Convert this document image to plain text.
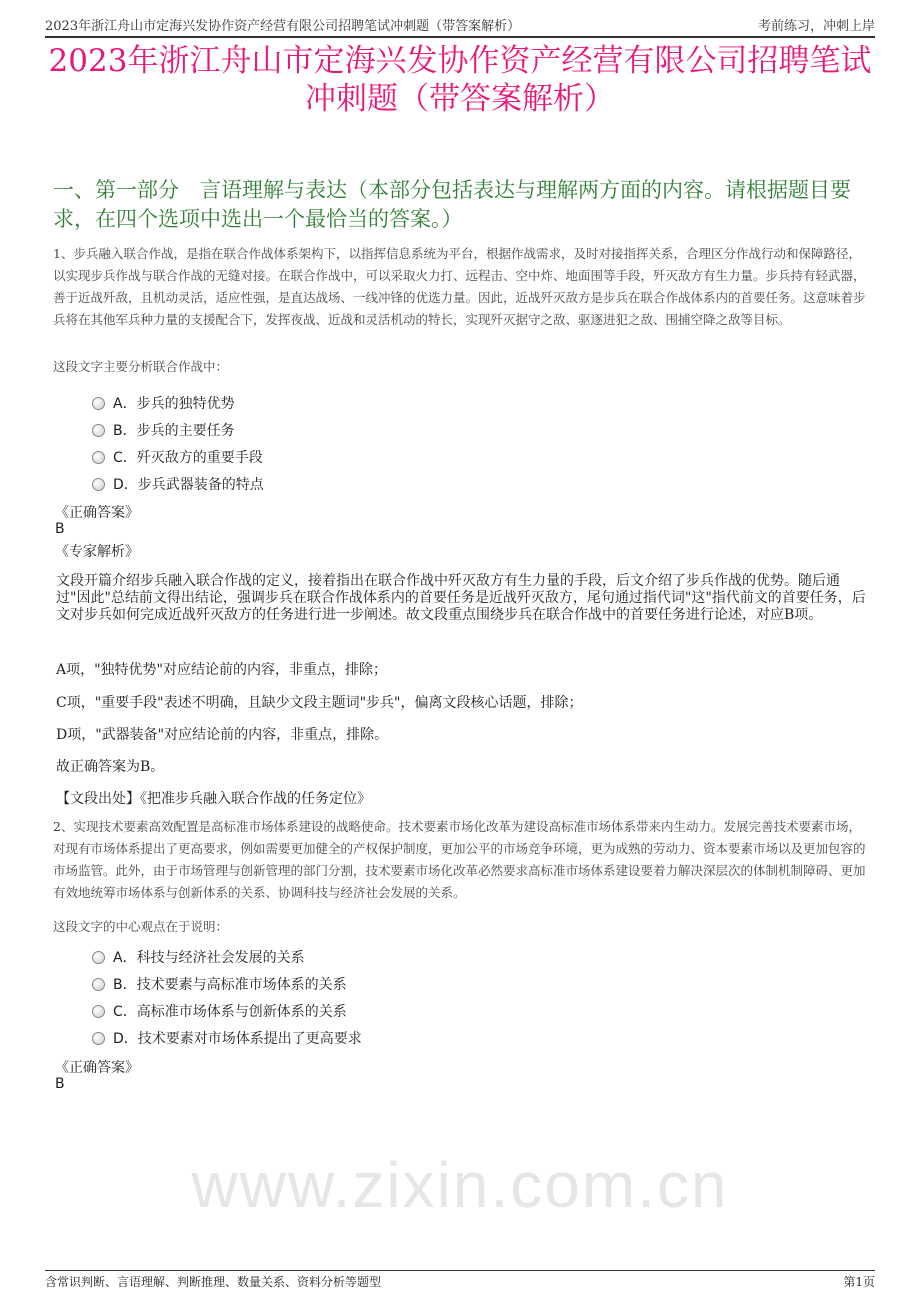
2023年浙江舟山市定海兴发协作资产经营有限公司招聘笔试冲刺题（带答案解析）	考前练习，冲刺上岸
2023年浙江舟山市定海兴发协作资产经营有限公司招聘笔试冲刺题（带答案解析）
一、第一部分　言语理解与表达（本部分包括表达与理解两方面的内容。请根据题目要求，在四个选项中选出一个最恰当的答案。）
www.zixin.com.cn
1、步兵融入联合作战，是指在联合作战体系架构下，以指挥信息系统为平台，根据作战需求，及时对接指挥关系，合理区分作战行动和保障路径，以实现步兵作战与联合作战的无缝对接。在联合作战中，可以采取火力打、远程击、空中炸、地面围等手段，歼灭敌方有生力量。步兵持有轻武器，善于近战歼敌，且机动灵活，适应性强，是直达战场、一线冲锋的优选力量。因此，近战歼灭敌方是步兵在联合作战体系内的首要任务。这意味着步兵将在其他军兵种力量的支援配合下，发挥夜战、近战和灵活机动的特长，实现歼灭据守之敌、驱逐进犯之敌、围捕空降之敌等目标。
这段文字主要分析联合作战中：
A．步兵的独特优势
B．步兵的主要任务
C．歼灭敌方的重要手段
D．步兵武器装备的特点
《正确答案》
B
《专家解析》
文段开篇介绍步兵融入联合作战的定义，接着指出在联合作战中歼灭敌方有生力量的手段，后文介绍了步兵作战的优势。随后通过"因此"总结前文得出结论，强调步兵在联合作战体系内的首要任务是近战歼灭敌方，尾句通过指代词"这"指代前文的首要任务，后文对步兵如何完成近战歼灭敌方的任务进行进一步阐述。故文段重点围绕步兵在联合作战中的首要任务进行论述，对应B项。
A项，"独特优势"对应结论前的内容，非重点，排除；
C项，"重要手段"表述不明确，且缺少文段主题词"步兵"，偏离文段核心话题，排除；
D项，"武器装备"对应结论前的内容，非重点，排除。
故正确答案为B。
【文段出处】《把准步兵融入联合作战的任务定位》
2、实现技术要素高效配置是高标准市场体系建设的战略使命。技术要素市场化改革为建设高标准市场体系带来内生动力。发展完善技术要素市场，对现有市场体系提出了更高要求，例如需要更加健全的产权保护制度，更加公平的市场竞争环境，更为成熟的劳动力、资本要素市场以及更加包容的市场监管。此外，由于市场管理与创新管理的部门分割，技术要素市场化改革必然要求高标准市场体系建设要着力解决深层次的体制机制障碍、更加有效地统筹市场体系与创新体系的关系、协调科技与经济社会发展的关系。
这段文字的中心观点在于说明：
A．科技与经济社会发展的关系
B．技术要素与高标准市场体系的关系
C．高标准市场体系与创新体系的关系
D．技术要素对市场体系提出了更高要求
《正确答案》
B
含常识判断、言语理解、判断推理、数量关系、资料分析等题型	第1页
